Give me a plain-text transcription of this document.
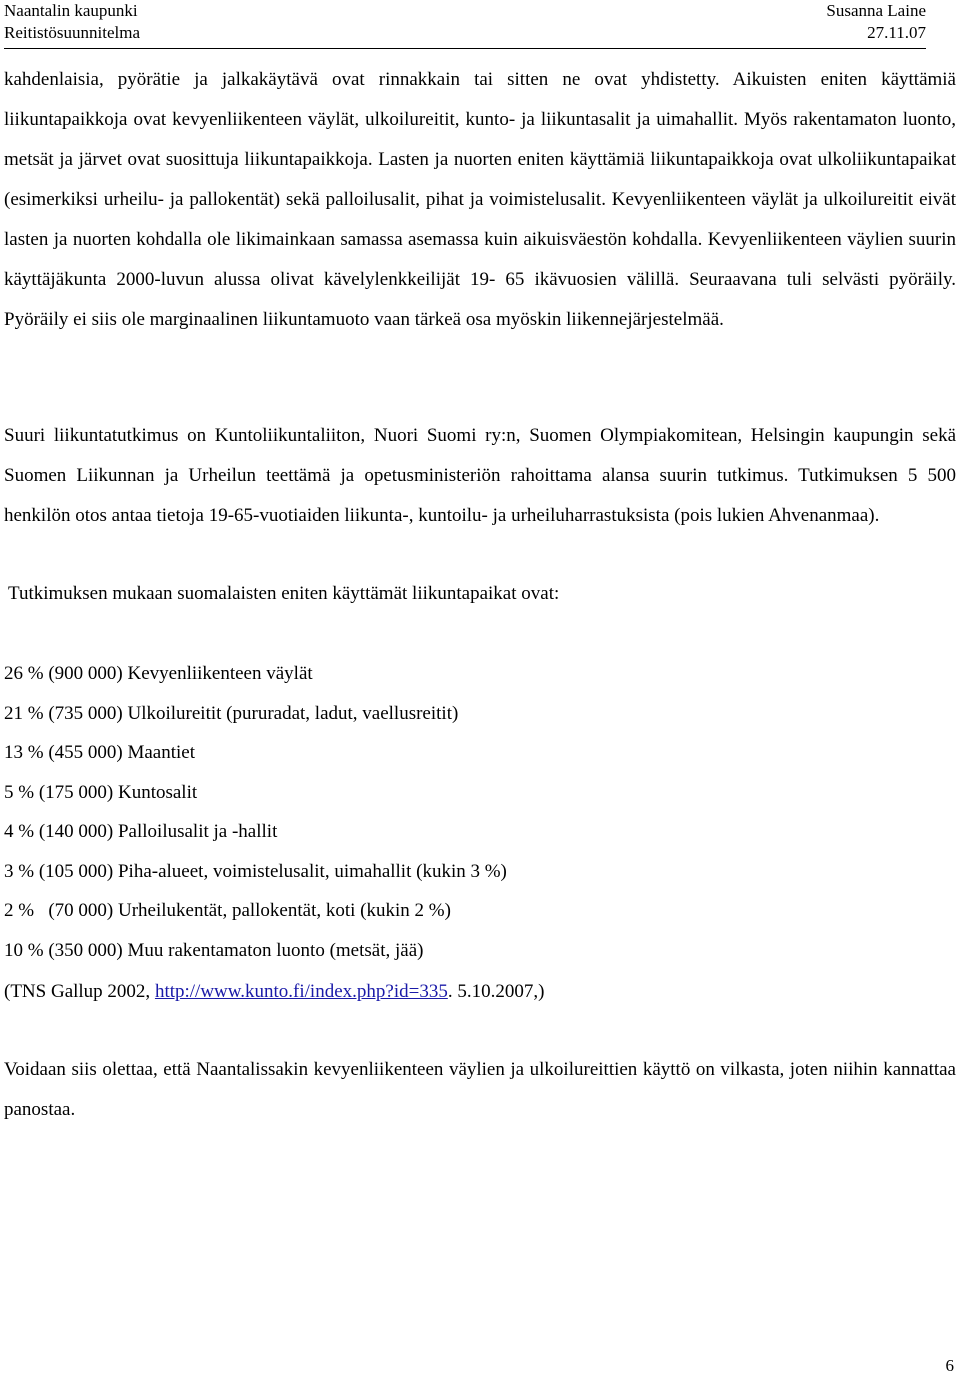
Naantalin kaupunki
Reitistösuunnitelma
Susanna Laine
27.11.07

kahdenlaisia, pyörätie ja jalkakäytävä ovat rinnakkain tai sitten ne ovat yhdistetty. Aikuisten eniten käyttämiä liikuntapaikkoja ovat kevyenliikenteen väylät, ulkoilureitit, kunto- ja liikuntasalit ja uimahallit. Myös rakentamaton luonto, metsät ja järvet ovat suosittuja liikuntapaikkoja. Lasten ja nuorten eniten käyttämiä liikuntapaikkoja ovat ulkoliikuntapaikat (esimerkiksi urheilu- ja pallokentät) sekä palloilusalit, pihat ja voimistelusalit. Kevyenliikenteen väylät ja ulkoilureitit eivät lasten ja nuorten kohdalla ole likimainkaan samassa asemassa kuin aikuisväestön kohdalla. Kevyenliikenteen väylien suurin käyttäjäkunta 2000-luvun alussa olivat kävelylenkkeilijät 19- 65 ikävuosien välillä. Seuraavana tuli selvästi pyöräily. Pyöräily ei siis ole marginaalinen liikuntamuoto vaan tärkeä osa myöskin liikennejärjestelmää.

Suuri liikuntatutkimus on Kuntoliikuntaliiton, Nuori Suomi ry:n, Suomen Olympiakomitean, Helsingin kaupungin sekä Suomen Liikunnan ja Urheilun teettämä ja opetusministeriön rahoittama alansa suurin tutkimus. Tutkimuksen 5 500 henkilön otos antaa tietoja 19-65-vuotiaiden liikunta-, kuntoilu- ja urheiluharrastuksista (pois lukien Ahvenanmaa).

Tutkimuksen mukaan suomalaisten eniten käyttämät liikuntapaikat ovat:

26 % (900 000) Kevyenliikenteen väylät
21 % (735 000) Ulkoilureitit (pururadat, ladut, vaellusreitit)
13 % (455 000) Maantiet
5 % (175 000) Kuntosalit
4 % (140 000) Palloilusalit ja -hallit
3 % (105 000) Piha-alueet, voimistelusalit, uimahallit (kukin 3 %)
2 %   (70 000) Urheilukentät, pallokentät, koti (kukin 2 %)
10 % (350 000) Muu rakentamaton luonto (metsät, jää)
(TNS Gallup 2002, http://www.kunto.fi/index.php?id=335. 5.10.2007,)

Voidaan siis olettaa, että Naantalissakin kevyenliikenteen väylien ja ulkoilureittien käyttö on vilkasta, joten niihin kannattaa panostaa.

6
